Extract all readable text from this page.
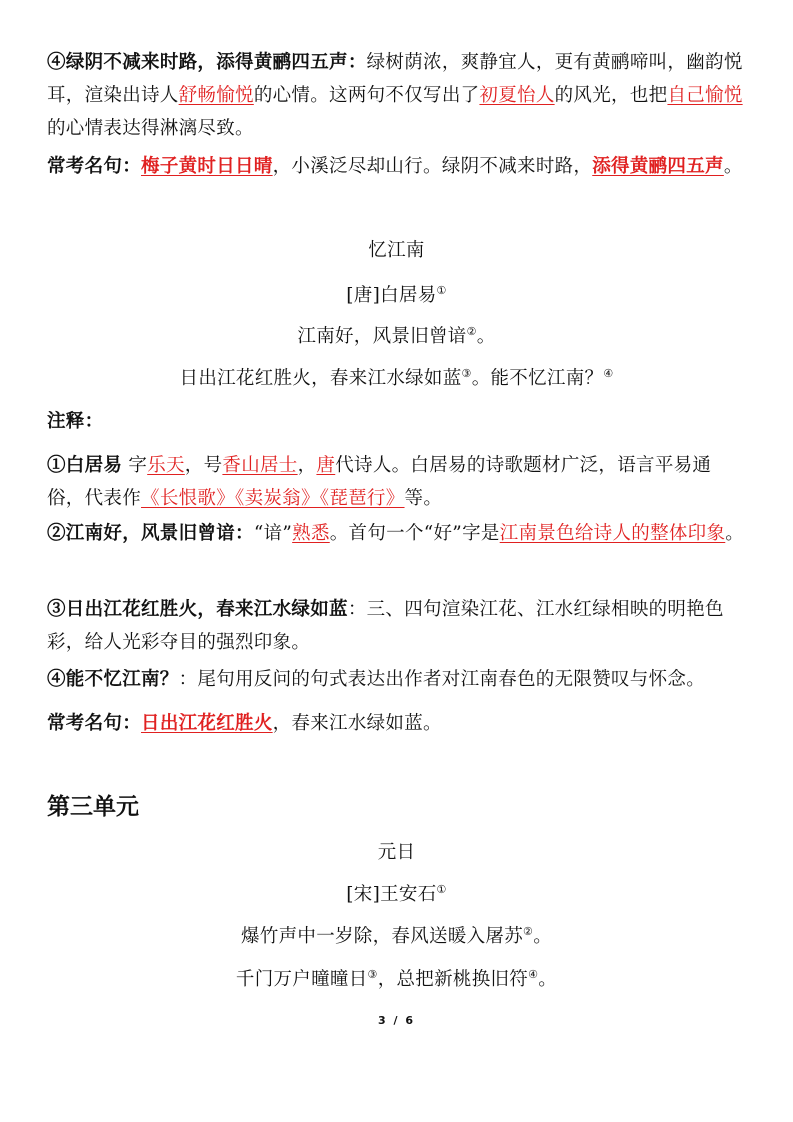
④绿阴不减来时路，添得黄鹂四五声：绿树荫浓，爽静宜人，更有黄鹂啼叫，幽韵悦耳，渲染出诗人舒畅愉悦的心情。这两句不仅写出了初夏怡人的风光，也把自己愉悦的心情表达得淋漓尽致。
常考名句：梅子黄时日日晴，小溪泛尽却山行。绿阴不减来时路，添得黄鹂四五声。
忆江南
[唐]白居易①
江南好，风景旧曾谙②。
日出江花红胜火，春来江水绿如蓝③。能不忆江南？④
注释：
①白居易 字乐天，号香山居士，唐代诗人。白居易的诗歌题材广泛，语言平易通俗，代表作《长恨歌》《卖炭翁》《琵琶行》等。
②江南好，风景旧曾谙：“谙”熟悉。首句一个“好”字是江南景色给诗人的整体印象。
③日出江花红胜火，春来江水绿如蓝：三、四句渲染江花、江水红绿相映的明艳色彩，给人光彩夺目的强烈印象。
④能不忆江南？：尾句用反问的句式表达出作者对江南春色的无限赞叹与怀念。
常考名句：日出江花红胜火，春来江水绿如蓝。
第三单元
元日
[宋]王安石①
爆竹声中一岁除，春风送暖入屠苏②。
千门万户曈曈日③，总把新桃换旧符④。
3 / 6
